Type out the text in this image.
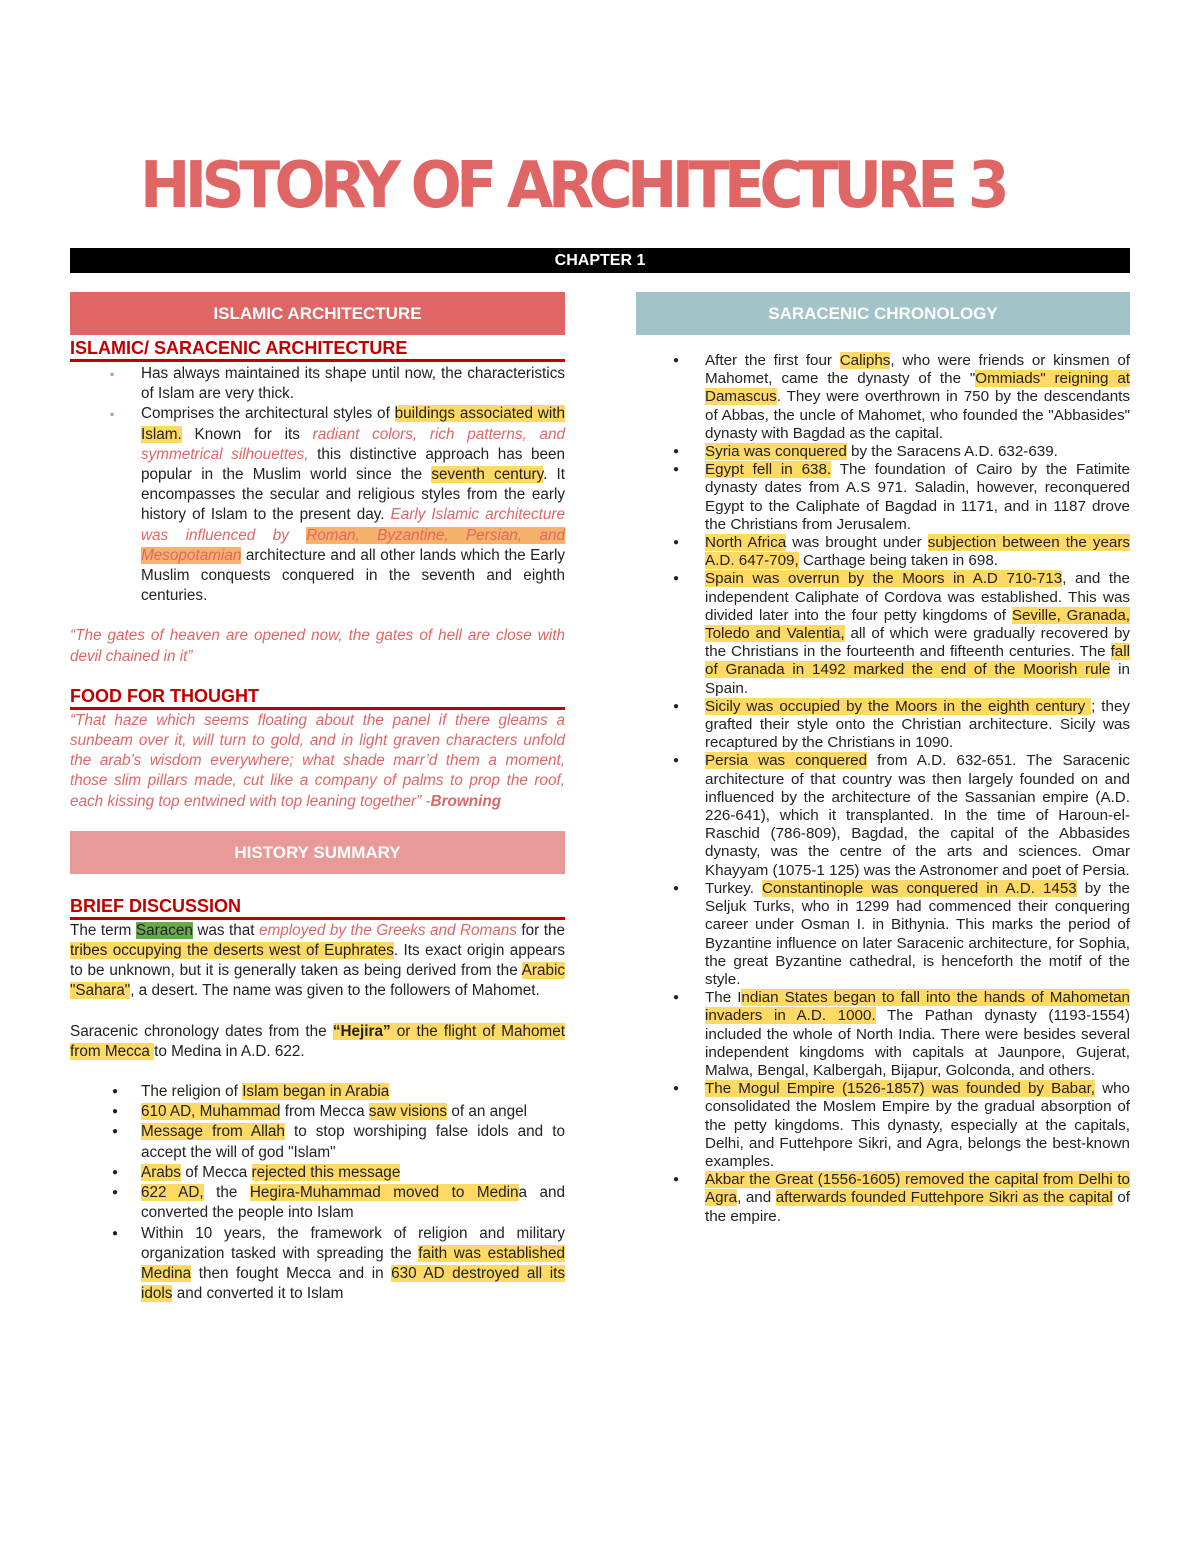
HISTORY OF ARCHITECTURE 3
CHAPTER 1
ISLAMIC ARCHITECTURE
ISLAMIC/ SARACENIC ARCHITECTURE
▪ Has always maintained its shape until now, the characteristics of Islam are very thick.
▪ Comprises the architectural styles of buildings associated with Islam. Known for its radiant colors, rich patterns, and symmetrical silhouettes, this distinctive approach has been popular in the Muslim world since the seventh century. It encompasses the secular and religious styles from the early history of Islam to the present day. Early Islamic architecture was influenced by Roman, Byzantine, Persian, and Mesopotamian architecture and all other lands which the Early Muslim conquests conquered in the seventh and eighth centuries.

“The gates of heaven are opened now, the gates of hell are close with devil chained in it”

FOOD FOR THOUGHT

“That haze which seems floating about the panel if there gleams a sunbeam over it, will turn to gold, and in light graven characters unfold the arab’s wisdom everywhere; what shade marr’d them a moment, those slim pillars made, cut like a company of palms to prop the roof, each kissing top entwined with top leaning together” -Browning

HISTORY SUMMARY
BRIEF DISCUSSION

The term Saracen was that employed by the Greeks and Romans for the tribes occupying the deserts west of Euphrates. Its exact origin appears to be unknown, but it is generally taken as being derived from the Arabic "Sahara", a desert. The name was given to the followers of Mahomet.

Saracenic chronology dates from the “Hejira” or the flight of Mahomet from Mecca to Medina in A.D. 622.

● The religion of Islam began in Arabia
● 610 AD, Muhammad from Mecca saw visions of an angel
● Message from Allah to stop worshiping false idols and to accept the will of god "Islam"
● Arabs of Mecca rejected this message
● 622 AD, the Hegira-Muhammad moved to Medina and converted the people into Islam
● Within 10 years, the framework of religion and military organization tasked with spreading the faith was established Medina then fought Mecca and in 630 AD destroyed all its idols and converted it to Islam
SARACENIC CHRONOLOGY
● After the first four Caliphs, who were friends or kinsmen of Mahomet, came the dynasty of the "Ommiads" reigning at Damascus. They were overthrown in 750 by the descendants of Abbas, the uncle of Mahomet, who founded the "Abbasides" dynasty with Bagdad as the capital.
● Syria was conquered by the Saracens A.D. 632-639.
● Egypt fell in 638. The foundation of Cairo by the Fatimite dynasty dates from A.S 971. Saladin, however, reconquered Egypt to the Caliphate of Bagdad in 1171, and in 1187 drove the Christians from Jerusalem.
● North Africa was brought under subjection between the years A.D. 647-709, Carthage being taken in 698.
● Spain was overrun by the Moors in A.D 710-713, and the independent Caliphate of Cordova was established. This was divided later into the four petty kingdoms of Seville, Granada, Toledo and Valentia, all of which were gradually recovered by the Christians in the fourteenth and fifteenth centuries. The fall of Granada in 1492 marked the end of the Moorish rule in Spain.
● Sicily was occupied by the Moors in the eighth century ; they grafted their style onto the Christian architecture. Sicily was recaptured by the Christians in 1090.
● Persia was conquered from A.D. 632-651. The Saracenic architecture of that country was then largely founded on and influenced by the architecture of the Sassanian empire (A.D. 226-641), which it transplanted. In the time of Haroun-el- Raschid (786-809), Bagdad, the capital of the Abbasides dynasty, was the centre of the arts and sciences. Omar Khayyam (1075-1 125) was the Astronomer and poet of Persia.
● Turkey. Constantinople was conquered in A.D. 1453 by the Seljuk Turks, who in 1299 had commenced their conquering career under Osman I. in Bithynia. This marks the period of Byzantine influence on later Saracenic architecture, for Sophia, the great Byzantine cathedral, is henceforth the motif of the style.
● The Indian States began to fall into the hands of Mahometan invaders in A.D. 1000. The Pathan dynasty (1193-1554) included the whole of North India. There were besides several independent kingdoms with capitals at Jaunpore, Gujerat, Malwa, Bengal, Kalbergah, Bijapur, Golconda, and others.
● The Mogul Empire (1526-1857) was founded by Babar, who consolidated the Moslem Empire by the gradual absorption of the petty kingdoms. This dynasty, especially at the capitals, Delhi, and Futtehpore Sikri, and Agra, belongs the best-known examples.
● Akbar the Great (1556-1605) removed the capital from Delhi to Agra, and afterwards founded Futtehpore Sikri as the capital of the empire.
